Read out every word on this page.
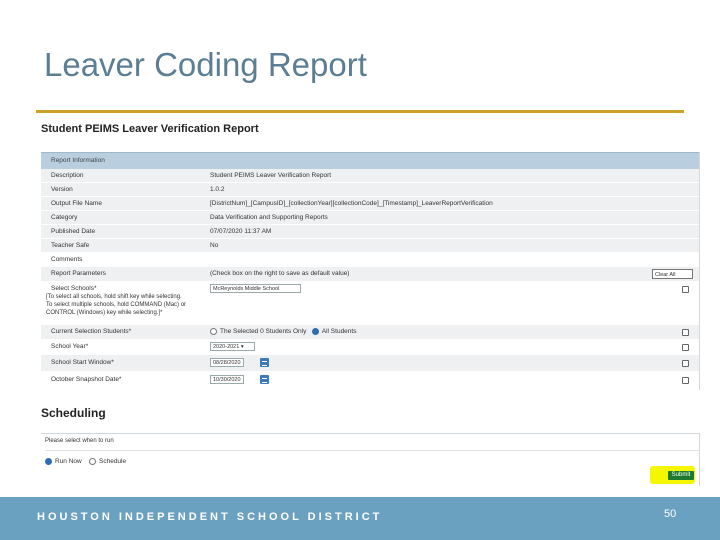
Leaver Coding Report
Student PEIMS Leaver Verification Report
Report Information
Description	Student PEIMS Leaver Verification Report
Version	1.0.2
Output File Name	[DistrictNum]_[CampusID]_[collectionYear][collectionCode]_[Timestamp]_LeaverReportVerification
Category	Data Verification and Supporting Reports
Published Date	07/07/2020 11:37 AM
Teacher Safe	No
Comments
Report Parameters	(Check box on the right to save as default value)	Clear All
Select Schools*	McReynolds Middle School
[To select all schools, hold shift key while selecting.
To select multiple schools, hold COMMAND (Mac) or
CONTROL (Windows) key while selecting.]*
Current Selection Students*	The Selected 0 Students Only All Students
School Year*	2020-2021 ▾
School Start Window*	08/28/2020
October Snapshot Date*	10/30/2020
Scheduling
Please select when to run
Run Now	Schedule
Submit
HOUSTON INDEPENDENT SCHOOL DISTRICT	50
